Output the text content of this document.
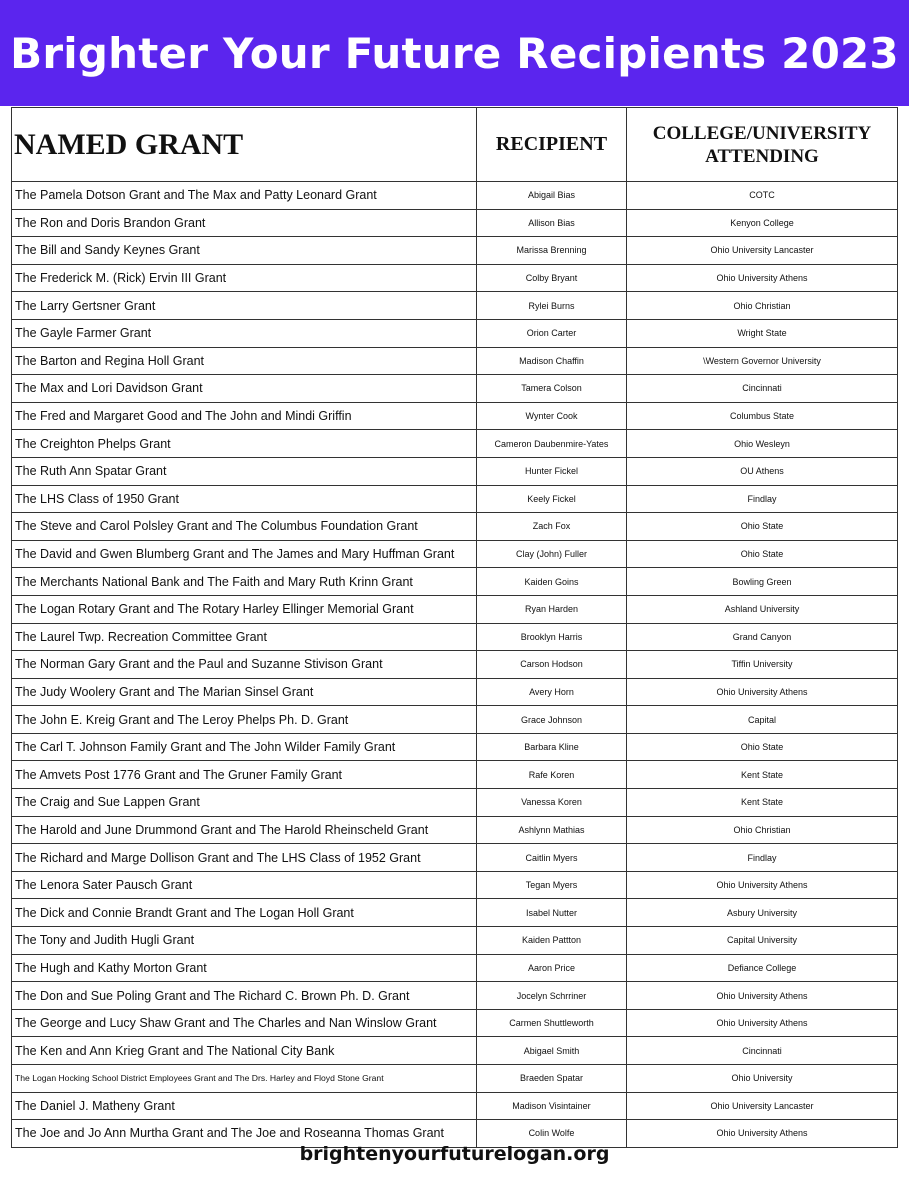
Brighter Your Future Recipients 2023
NAMED GRANT	RECIPIENT	COLLEGE/UNIVERSITY ATTENDING
The Pamela Dotson Grant and The Max and Patty Leonard Grant	Abigail Bias	COTC
The Ron and Doris Brandon Grant	Allison Bias	Kenyon College
The Bill and Sandy Keynes Grant	Marissa Brenning	Ohio University Lancaster
The Frederick M. (Rick) Ervin III Grant	Colby Bryant	Ohio University Athens
The Larry Gertsner Grant	Rylei Burns	Ohio Christian
The Gayle Farmer Grant	Orion Carter	Wright State
The Barton and Regina Holl Grant	Madison Chaffin	\Western Governor University
The Max and Lori Davidson Grant	Tamera Colson	Cincinnati
The Fred and Margaret Good and The John and Mindi Griffin	Wynter Cook	Columbus State
The Creighton Phelps Grant	Cameron Daubenmire-Yates	Ohio Wesleyn
The Ruth Ann Spatar Grant	Hunter Fickel	OU Athens
The LHS Class of 1950 Grant	Keely Fickel	Findlay
The Steve and Carol Polsley Grant and The Columbus Foundation Grant	Zach Fox	Ohio State
The David and Gwen Blumberg Grant and The James and Mary Huffman Grant	Clay (John) Fuller	Ohio State
The Merchants National Bank and The Faith and Mary Ruth Krinn Grant	Kaiden Goins	Bowling Green
The Logan Rotary Grant and The Rotary Harley Ellinger Memorial Grant	Ryan Harden	Ashland University
The Laurel Twp. Recreation Committee Grant	Brooklyn Harris	Grand Canyon
The Norman Gary Grant and the Paul and Suzanne Stivison Grant	Carson Hodson	Tiffin University
The Judy Woolery Grant and The Marian Sinsel Grant	Avery Horn	Ohio University Athens
The John E. Kreig Grant and The Leroy Phelps Ph. D. Grant	Grace Johnson	Capital
The Carl T. Johnson Family Grant and The John Wilder Family Grant	Barbara Kline	Ohio State
The Amvets Post 1776 Grant and The Gruner Family Grant	Rafe Koren	Kent State
The Craig and Sue Lappen Grant	Vanessa Koren	Kent State
The Harold and June Drummond Grant and The Harold Rheinscheld Grant	Ashlynn Mathias	Ohio Christian
The Richard and Marge Dollison Grant and The LHS Class of 1952 Grant	Caitlin Myers	Findlay
The Lenora Sater Pausch Grant	Tegan Myers	Ohio University Athens
The Dick and Connie Brandt Grant and The Logan Holl Grant	Isabel Nutter	Asbury University
The Tony and Judith Hugli Grant	Kaiden Pattton	Capital University
The Hugh and Kathy Morton Grant	Aaron Price	Defiance College
The Don and Sue Poling Grant and The Richard C. Brown Ph. D. Grant	Jocelyn Schrriner	Ohio University Athens
The George and Lucy Shaw Grant and The Charles and Nan Winslow Grant	Carmen Shuttleworth	Ohio University Athens
The Ken and Ann Krieg Grant and The National City Bank	Abigael Smith	Cincinnati
The Logan Hocking School District Employees Grant and The Drs. Harley and Floyd Stone Grant	Braeden Spatar	Ohio University
The Daniel J. Matheny Grant	Madison Visintainer	Ohio University Lancaster
The Joe and Jo Ann Murtha Grant and The Joe and Roseanna Thomas Grant	Colin Wolfe	Ohio University Athens
brightenyourfuturelogan.org
